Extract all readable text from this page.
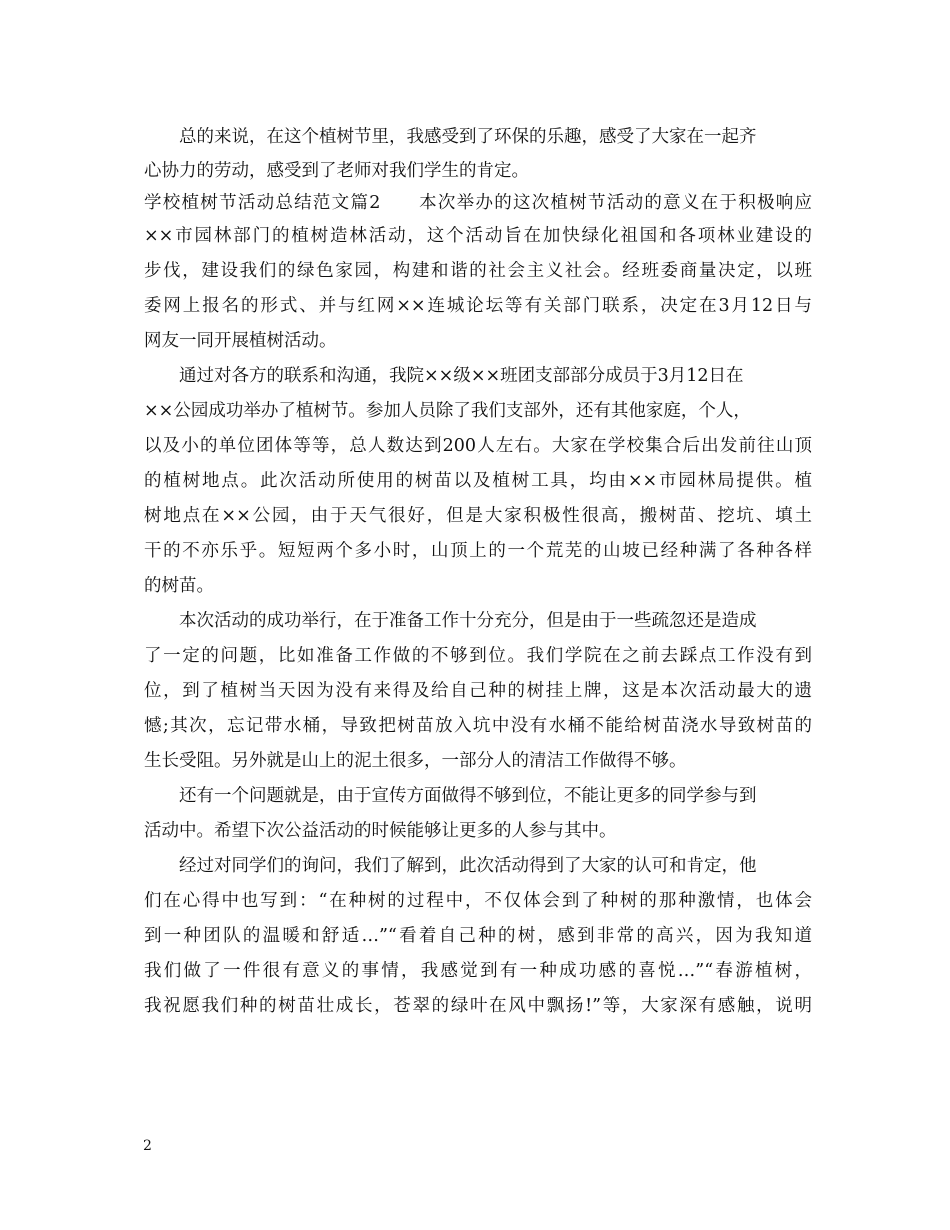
总的来说，在这个植树节里，我感受到了环保的乐趣，感受了大家在一起齐
心协力的劳动，感受到了老师对我们学生的肯定。
学校植树节活动总结范文篇2　　本次举办的这次植树节活动的意义在于积极响应
××市园林部门的植树造林活动，这个活动旨在加快绿化祖国和各项林业建设的
步伐，建设我们的绿色家园，构建和谐的社会主义社会。经班委商量决定，以班
委网上报名的形式、并与红网××连城论坛等有关部门联系，决定在3月12日与
网友一同开展植树活动。
通过对各方的联系和沟通，我院××级××班团支部部分成员于3月12日在
××公园成功举办了植树节。参加人员除了我们支部外，还有其他家庭，个人，
以及小的单位团体等等，总人数达到200人左右。大家在学校集合后出发前往山顶
的植树地点。此次活动所使用的树苗以及植树工具，均由××市园林局提供。植
树地点在××公园，由于天气很好，但是大家积极性很高，搬树苗、挖坑、填土
干的不亦乐乎。短短两个多小时，山顶上的一个荒芜的山坡已经种满了各种各样
的树苗。
本次活动的成功举行，在于准备工作十分充分，但是由于一些疏忽还是造成
了一定的问题，比如准备工作做的不够到位。我们学院在之前去踩点工作没有到
位，到了植树当天因为没有来得及给自己种的树挂上牌，这是本次活动最大的遗
憾;其次，忘记带水桶，导致把树苗放入坑中没有水桶不能给树苗浇水导致树苗的
生长受阻。另外就是山上的泥土很多，一部分人的清洁工作做得不够。
还有一个问题就是，由于宣传方面做得不够到位，不能让更多的同学参与到
活动中。希望下次公益活动的时候能够让更多的人参与其中。
经过对同学们的询问，我们了解到，此次活动得到了大家的认可和肯定，他
们在心得中也写到：“在种树的过程中，不仅体会到了种树的那种激情，也体会
到一种团队的温暖和舒适…”“看着自己种的树，感到非常的高兴，因为我知道
我们做了一件很有意义的事情，我感觉到有一种成功感的喜悦…”“春游植树，
我祝愿我们种的树苗壮成长，苍翠的绿叶在风中飘扬!”等，大家深有感触，说明
2
